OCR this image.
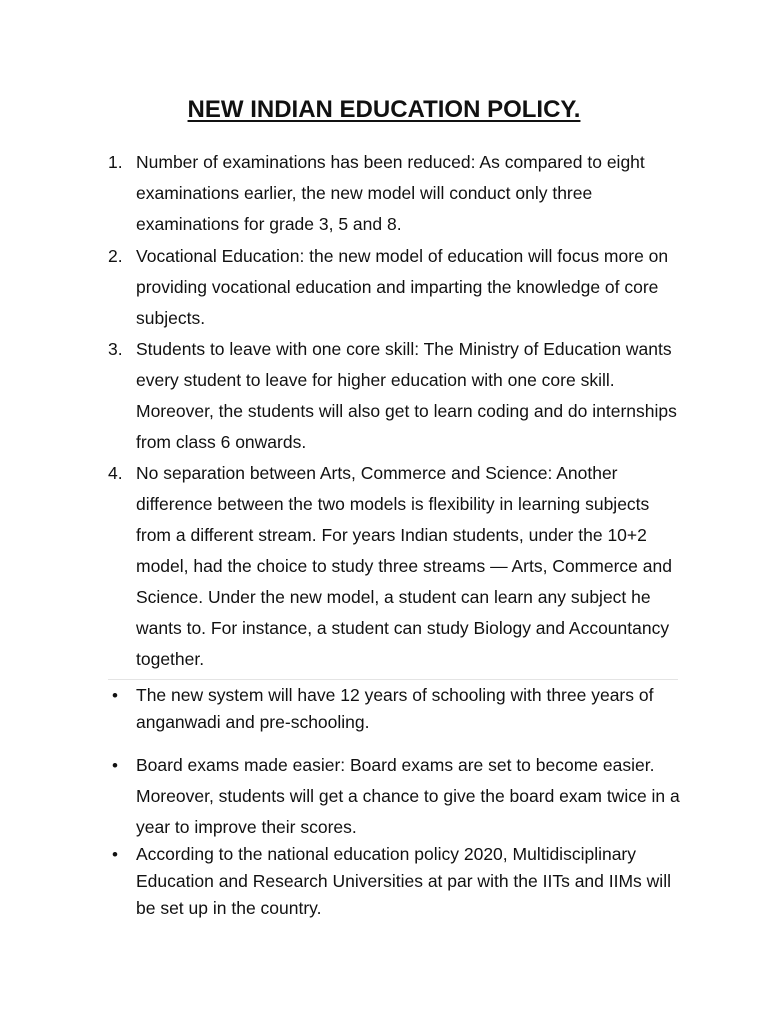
NEW INDIAN EDUCATION POLICY.
1. Number of examinations has been reduced: As compared to eight examinations earlier, the new model will conduct only three examinations for grade 3, 5 and 8.
2. Vocational Education: the new model of education will focus more on providing vocational education and imparting the knowledge of core subjects.
3. Students to leave with one core skill: The Ministry of Education wants every student to leave for higher education with one core skill. Moreover, the students will also get to learn coding and do internships from class 6 onwards.
4. No separation between Arts, Commerce and Science: Another difference between the two models is flexibility in learning subjects from a different stream. For years Indian students, under the 10+2 model, had the choice to study three streams — Arts, Commerce and Science. Under the new model, a student can learn any subject he wants to. For instance, a student can study Biology and Accountancy together.
• The new system will have 12 years of schooling with three years of anganwadi and pre-schooling.
• Board exams made easier: Board exams are set to become easier. Moreover, students will get a chance to give the board exam twice in a year to improve their scores.
• According to the national education policy 2020, Multidisciplinary Education and Research Universities at par with the IITs and IIMs will be set up in the country.
